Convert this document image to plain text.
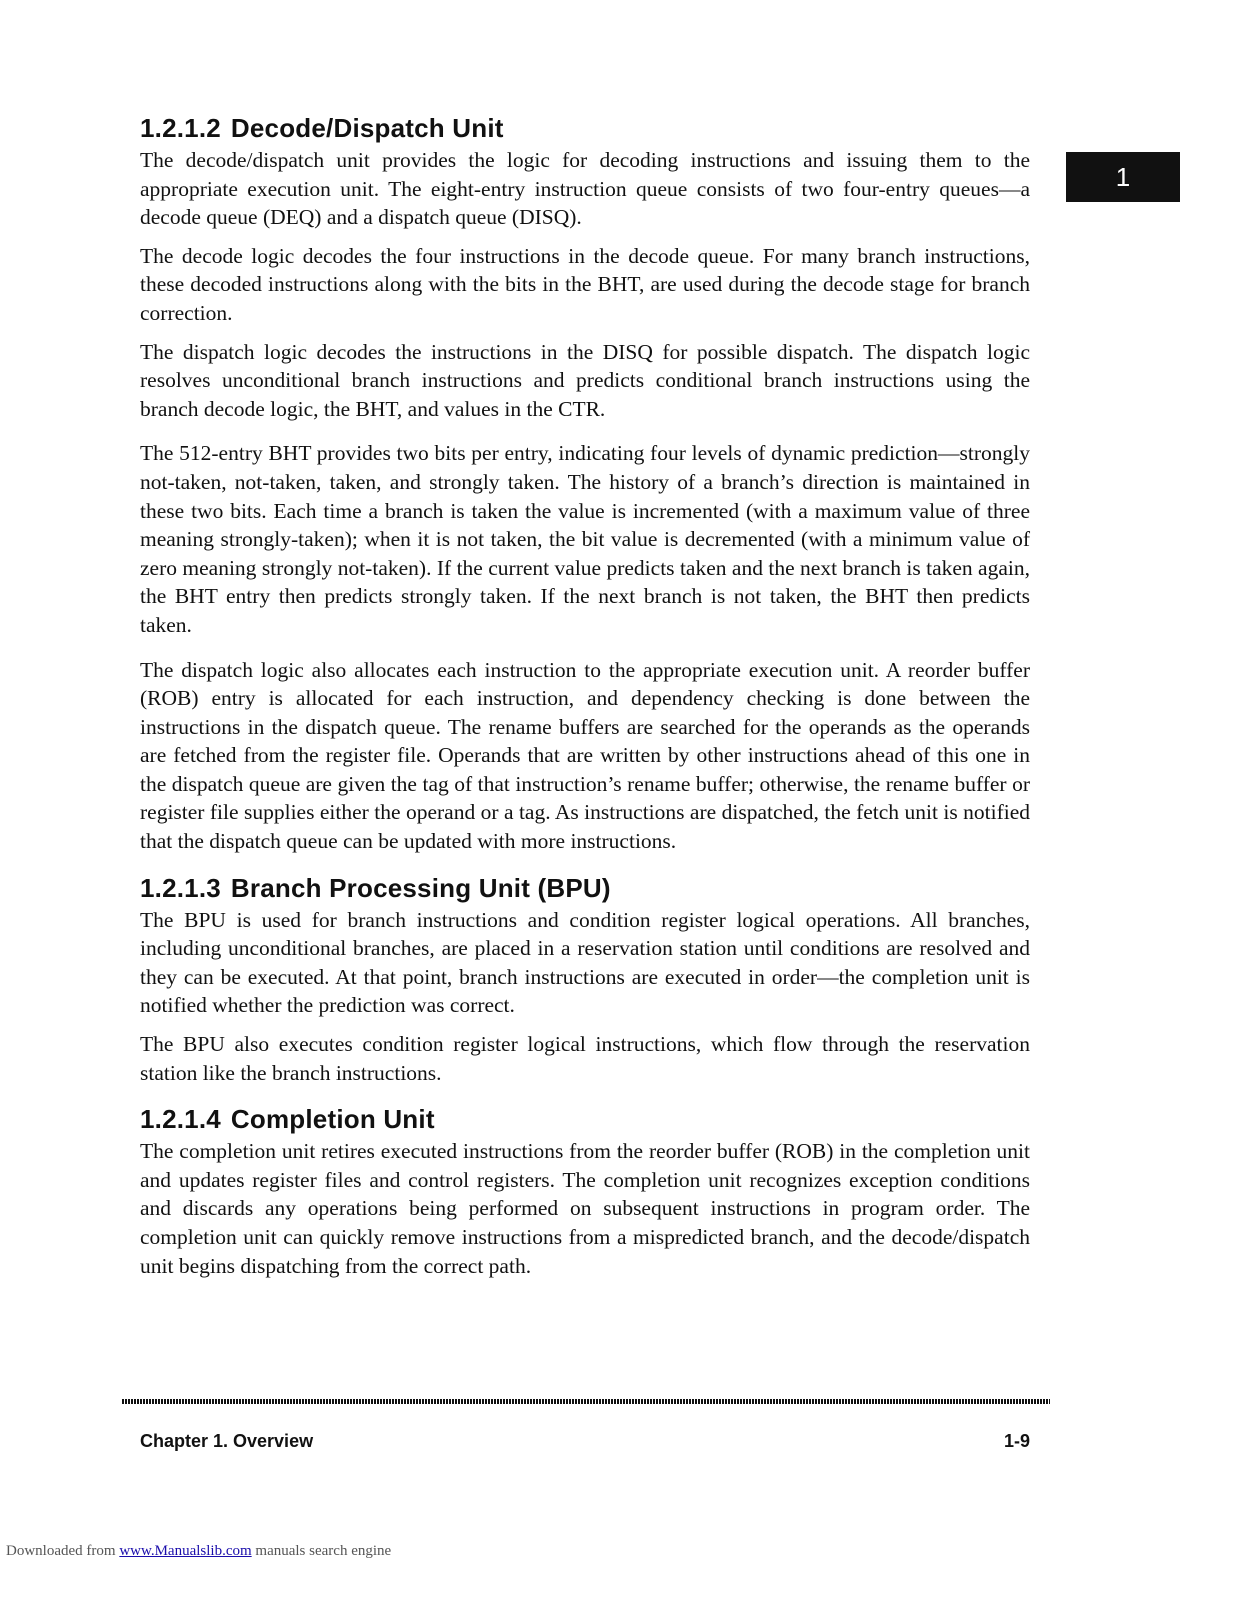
1
1.2.1.2 Decode/Dispatch Unit

The decode/dispatch unit provides the logic for decoding instructions and issuing them to the appropriate execution unit. The eight-entry instruction queue consists of two four-entry queues—a decode queue (DEQ) and a dispatch queue (DISQ).

The decode logic decodes the four instructions in the decode queue. For many branch instructions, these decoded instructions along with the bits in the BHT, are used during the decode stage for branch correction.

The dispatch logic decodes the instructions in the DISQ for possible dispatch. The dispatch logic resolves unconditional branch instructions and predicts conditional branch instructions using the branch decode logic, the BHT, and values in the CTR.

The 512-entry BHT provides two bits per entry, indicating four levels of dynamic prediction—strongly not-taken, not-taken, taken, and strongly taken. The history of a branch’s direction is maintained in these two bits. Each time a branch is taken the value is incremented (with a maximum value of three meaning strongly-taken); when it is not taken, the bit value is decremented (with a minimum value of zero meaning strongly not-taken). If the current value predicts taken and the next branch is taken again, the BHT entry then predicts strongly taken. If the next branch is not taken, the BHT then predicts taken.

The dispatch logic also allocates each instruction to the appropriate execution unit. A reorder buffer (ROB) entry is allocated for each instruction, and dependency checking is done between the instructions in the dispatch queue. The rename buffers are searched for the operands as the operands are fetched from the register file. Operands that are written by other instructions ahead of this one in the dispatch queue are given the tag of that instruction’s rename buffer; otherwise, the rename buffer or register file supplies either the operand or a tag. As instructions are dispatched, the fetch unit is notified that the dispatch queue can be updated with more instructions.

1.2.1.3 Branch Processing Unit (BPU)

The BPU is used for branch instructions and condition register logical operations. All branches, including unconditional branches, are placed in a reservation station until conditions are resolved and they can be executed. At that point, branch instructions are executed in order—the completion unit is notified whether the prediction was correct.

The BPU also executes condition register logical instructions, which flow through the reservation station like the branch instructions.

1.2.1.4 Completion Unit

The completion unit retires executed instructions from the reorder buffer (ROB) in the completion unit and updates register files and control registers. The completion unit recognizes exception conditions and discards any operations being performed on subsequent instructions in program order. The completion unit can quickly remove instructions from a mispredicted branch, and the decode/dispatch unit begins dispatching from the correct path.

Chapter 1. Overview	1-9
Downloaded from www.Manualslib.com manuals search engine
